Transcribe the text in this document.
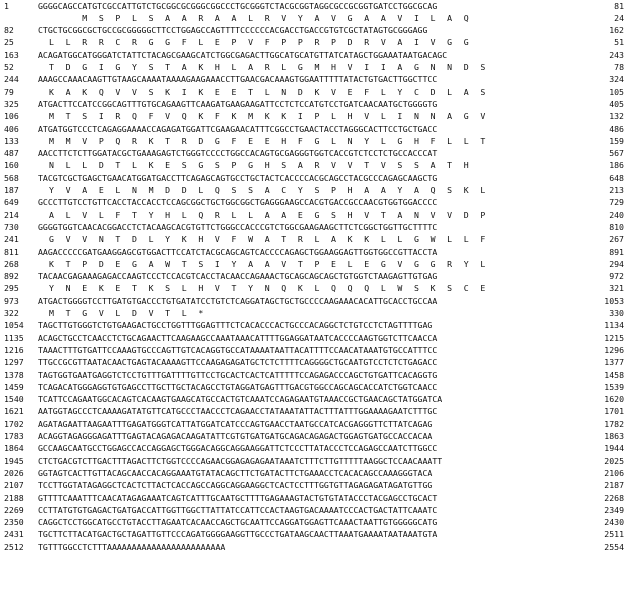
1	GGGGCAGCCATGTCGCCATTGTCTGCGGCGCGGGCGGCCCTGCGGGTCTACGCGGTAGGCGCCGCGGTGATCCTGGCGCAG	81
M  S  P  L  S  A  A  R  A  A  L  R  V  Y  A  V  G  A  A  V  I  L  A  Q	24
82	CTGCTGCGGCGCTGCCGCGGGGGCTTCCTGGAGCCAGTTTTCCCCCCACGACCTGACCGTGTCGCTATAGTGCGGGAGG	162
25	L  L  R  R  C  R  G  G  F  L  E  P  V  F  P  P  R  P  D  R  V  A  I  V  G  G	51
163	ACAGATGGCATGGGATCTATTCTACAGCGAAGCATCTGGCGAGACTTGGCATGCATGTTATCATAGCTGGAAATAATGACAGC	243
52	T  D  G  I  G  Y  S  T  A  K  H  L  A  R  L  G  M  H  V  I  I  A  G  N  N  D  S	78
244	AAAGCCAAACAAGTTGTAAGCAAAATAAAAGAAGAAACCTTGAACGACAAAGTGGAATTTTTATACTGTGACTTGGCTTCC	324
79	K  A  K  Q  V  V  S  K  I  K  E  E  T  L  N  D  K  V  E  F  L  Y  C  D  L  A  S	105
325	ATGACTTCCATCCGGCAGTTTGTGCAGAAGTTCAAGATGAAGAAGATTCCTCTCCATGTCCTGATCAACAATGCTGGGGTG	405
106	M  T  S  I  R  Q  F  V  Q  K  F  K  M  K  K  I  P  L  H  V  L  I  N  N  A  G  V	132
406	ATGATGGTCCCTCAGAGGAAAACCAGAGATGGATTCGAAGAACATTTCGGCCTGAACTACCTAGGGCACTTCCTGCTGACC	486
133	M  M  V  P  Q  R  K  T  R  D  G  F  E  E  H  F  G  L  N  Y  L  G  H  F  L  L  T	159
487	AACCTTCTCTTGGATACGCTGAAAGAGTCTGGGTCCCCTGGCCACAGTGCGAGGGTGGTCACCGTCTCCTCTGCCACCCAT	567
160	N  L  L  D  T  L  K  E  S  G  S  P  G  H  S  A  R  V  V  T  V  S  S  A  T  H	186
568	TACGTCGCTGAGCTGAACATGGATGACCTTCAGAGCAGTGCCTGCTACTCACCCCACGCAGCCTACGCCCAGAGCAAGCTG	648
187	Y  V  A  E  L  N  M  D  D  L  Q  S  S  A  C  Y  S  P  H  A  A  Y  A  Q  S  K  L	213
649	GCCCTTGTCCTGTTCACCTACCACCTCCAGCGGCTGCTGGCGGCTGAGGGAAGCCACGTGACCGCCAACGTGGTGGACCCC	729
214	A  L  V  L  F  T  Y  H  L  Q  R  L  L  A  A  E  G  S  H  V  T  A  N  V  V  D  P	240
730	GGGGTGGTCAACACGGACCTCTACAAGCACGTGTTCTGGGCCACCCGTCTGGCGAAGAAGCTTCTCGGCTGGTTGCTTTTC	810
241	G  V  V  N  T  D  L  Y  K  H  V  F  W  A  T  R  L  A  K  K  L  L  G  W  L  L  F	267
811	AAGACCCCCGATGAAGGAGCGTGGACTTCCATCTACGCAGCAGTCACCCCAGAGCTGGAAGGAGTTGGTGGCCGTTACCTA	891
268	K  T  P  D  E  G  A  W  T  S  I  Y  A  A  V  T  P  E  L  E  G  V  G  G  R  Y  L	294
892	TACAACGAGAAAGAGACCAAGTCCCTCCACGTCACCTACAACCAGAAACTGCAGCAGCAGCTGTGGTCTAAGAGTTGTGAG	972
295	Y  N  E  K  E  T  K  S  L  H  V  T  Y  N  Q  K  L  Q  Q  Q  L  W  S  K  S  C  E	321
973	ATGACTGGGGTCCTTGATGTGACCCTGTGATATCCTGTCTCAGGATAGCTGCTGCCCCAAGAAACACATTGCACCTGCCAA	1053
322	M  T  G  V  L  D  V  T  L  *	330
1054	TAGCTTGTGGGTCTGTGAAGACTGCCTGGTTTGGAGTTTCTCACACCCACTGCCCACAGGCTCTGTCCTCTAGTTTTGAG	1134
1135	ACAGCTGCCTCAACCTCTGCAGAACTTCAAGAAGCCAAATAAACATTTTGGAGGATAATCACCCCAAGTGGTCTTCAACCA	1215
1216	TAAACTTTGTGATTCCAAAGTGCCCAGTTGTCACAGGTGCCATAAAATAATTACATTTTCCAACATAAATGTGCCATTTCC	1296
1297	TTGCCGCGTTAATACAACTGAGTACAAAAGTTCCAAGAGAGATGCTCTCTTTTCAGGGGCTGCAATGTCCTCTCTGAGACC	1377
1378	TAGTGGTGAATGAGGTCTCCTGTTTGATTTTGTTCCTGCACTCACTCATTTTTCCAGAGACCCAGCTGTGATTCACAGGTG	1458
1459	TCAGACATGGGAGGTGTGAGCCTTGCTTGCTACAGCCTGTAGGATGAGTTTGACGTGGCCAGCAGCACCATCTGGTCAACC	1539
1540	TCATTCCAGAATGGCACAGTCACAAGTGAAGCATGCCACTGTCAAATCCAGAGAATGTAAACCGCTGAACAGCTATGGATCA	1620
1621	AATGGTAGCCCTCAAAAGATATGTTCATGCCCTAACCCTCAGAACCTATAAATATTACTTTATTTGGAAAAGAATCTTTGC	1701
1702	AGATAGAATTAAGAATTTGAGATGGGTCATTATGGATCATCCCAGTGAACCTAATGCCATCACGAGGGTTCTTATCAGAG	1782
1783	ACAGGTAGAGGGAGATTTGAGTACAGAGACAAGATATTCGTGTGATGATGCAGACAGAGACTGGAGTGATGCCACCACAA	1863
1864	GCCAAGCAATGCCTGGAGCCACCAGGAGCTGGGACAGGCAGGAAGGATTCTCCCTTATACCCTCCAGAGCCAATCTTGGCC	1944
1945	CTCTGACGTCTTGACTTTAGACTTCTGGTCCCCAGAACGGAGAGAGAATAAATCTTTCTTGTTTTTAAGGCTCCAACAAATT	2025
2026	GGTAGTCACTTGTTACAGCAACCACAGGAAATGTATACAGCTTCTGATACTTCTGAAACCTCACACAGCCAAAGGGTACA	2106
2107	TCCTTGGTATAGAGGCTCACTCTTACTCACCAGCCAGGCAGGAAGGCTCACTCCTTTGGTGTTAGAGAGATAGATGTTGG	2187
2188	GTTTTCAAATTTCAACATAGAGAAATCAGTCATTTGCAATGCTTTTGAGAAAGTACTGTGTATACCCTACGAGCCTGCACT	2268
2269	CCTTATGTGTGAGACTGATGACCATTGGTTGGCTTATTATCCATTCCACTAAGTGACAAAATCCCACTGACTATTCAAATC	2349
2350	CAGGCTCCTGGCATGCCTGTACCTTAGAATCACAACCAGCTGCAATTCCAGGATGGAGTTCAAACTAATTGTGGGGGCATG	2430
2431	TGCTTCTTACATGACTGCTAGATTGTTCCCAGATGGGGAAGGTTGCCCTGATAAGCAACTTAAATGAAAATAATAAATGTA	2511
2512	TGTTTGGCCTCTTTAAAAAAAAAAAAAAAAAAAAAAAA	2554
